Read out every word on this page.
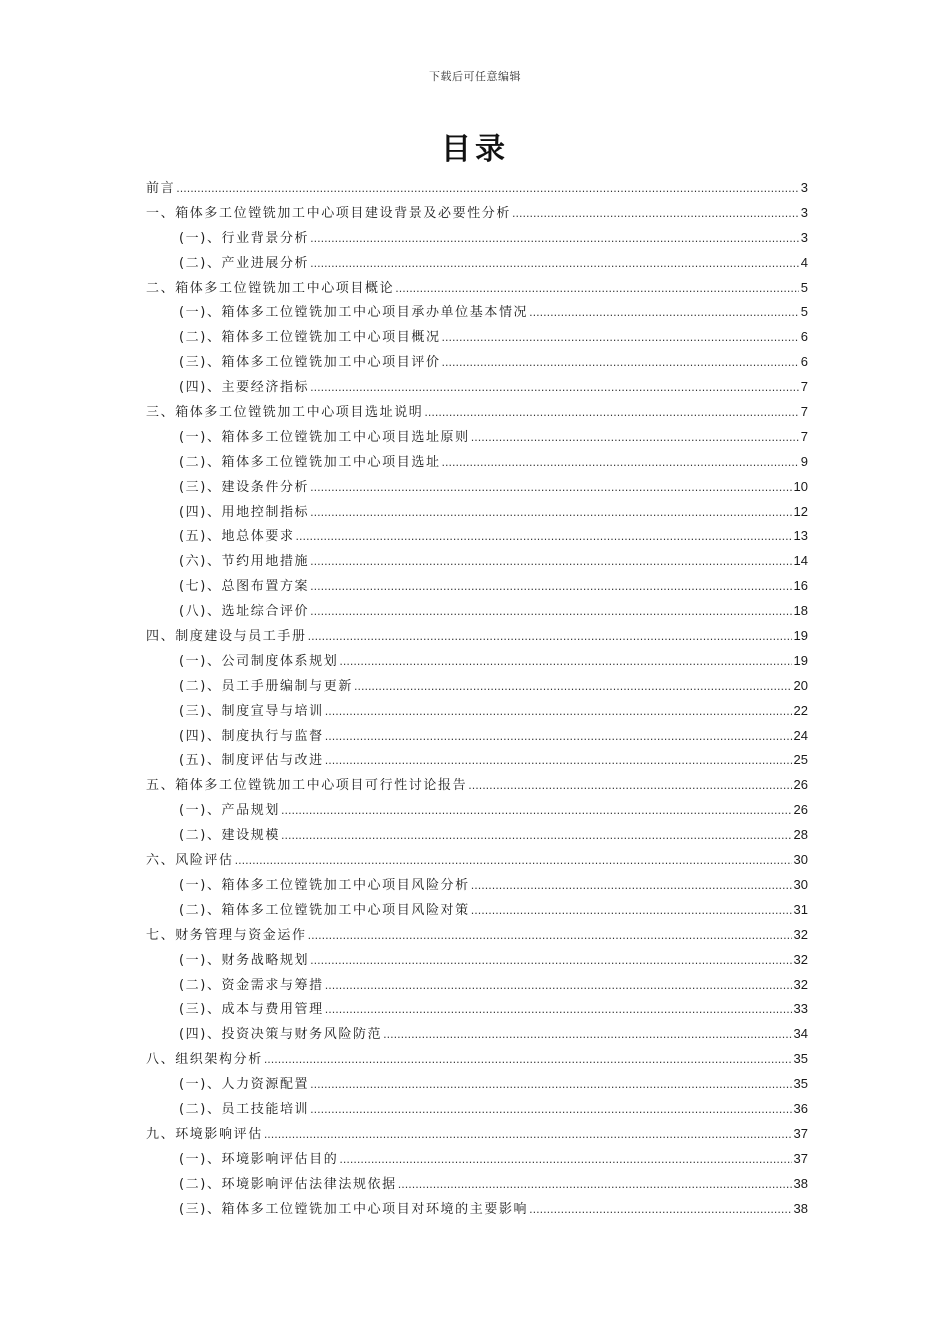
下载后可任意编辑
目录
前言 .....	3
一、箱体多工位镗铣加工中心项目建设背景及必要性分析 .....	3
(一)、行业背景分析 .....	3
(二)、产业进展分析 .....	4
二、箱体多工位镗铣加工中心项目概论 .....	5
(一)、箱体多工位镗铣加工中心项目承办单位基本情况 .....	5
(二)、箱体多工位镗铣加工中心项目概况 .....	6
(三)、箱体多工位镗铣加工中心项目评价 .....	6
(四)、主要经济指标 .....	7
三、箱体多工位镗铣加工中心项目选址说明 .....	7
(一)、箱体多工位镗铣加工中心项目选址原则 .....	7
(二)、箱体多工位镗铣加工中心项目选址 .....	9
(三)、建设条件分析 .....	10
(四)、用地控制指标 .....	12
(五)、地总体要求 .....	13
(六)、节约用地措施 .....	14
(七)、总图布置方案 .....	16
(八)、选址综合评价 .....	18
四、制度建设与员工手册 .....	19
(一)、公司制度体系规划 .....	19
(二)、员工手册编制与更新 .....	20
(三)、制度宣导与培训 .....	22
(四)、制度执行与监督 .....	24
(五)、制度评估与改进 .....	25
五、箱体多工位镗铣加工中心项目可行性讨论报告 .....	26
(一)、产品规划 .....	26
(二)、建设规模 .....	28
六、风险评估 .....	30
(一)、箱体多工位镗铣加工中心项目风险分析 .....	30
(二)、箱体多工位镗铣加工中心项目风险对策 .....	31
七、财务管理与资金运作 .....	32
(一)、财务战略规划 .....	32
(二)、资金需求与筹措 .....	32
(三)、成本与费用管理 .....	33
(四)、投资决策与财务风险防范 .....	34
八、组织架构分析 .....	35
(一)、人力资源配置 .....	35
(二)、员工技能培训 .....	36
九、环境影响评估 .....	37
(一)、环境影响评估目的 .....	37
(二)、环境影响评估法律法规依据 .....	38
(三)、箱体多工位镗铣加工中心项目对环境的主要影响 .....	38
